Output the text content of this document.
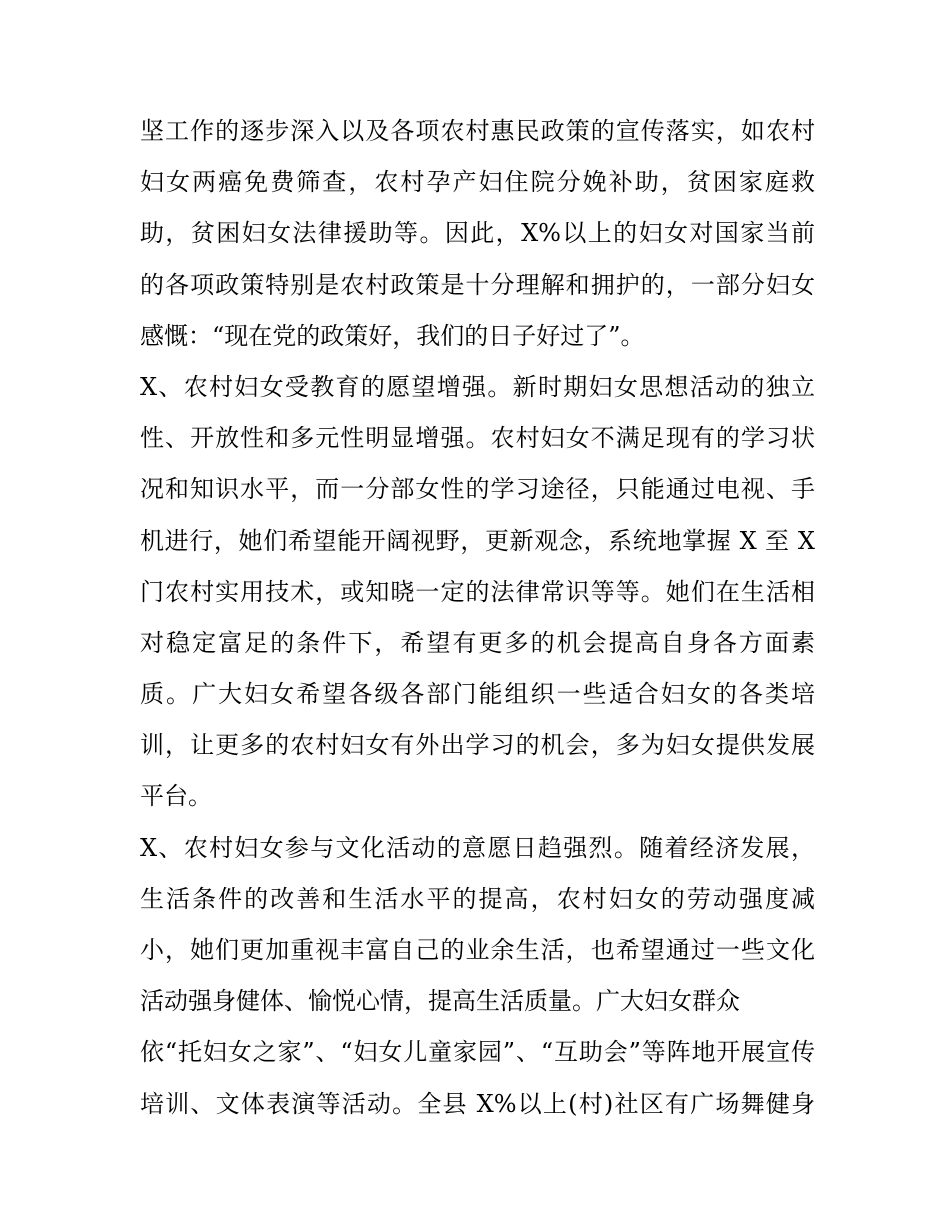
坚工作的逐步深入以及各项农村惠民政策的宣传落实，如农村
妇女两癌免费筛查，农村孕产妇住院分娩补助，贫困家庭救
助，贫困妇女法律援助等。因此，X%以上的妇女对国家当前
的各项政策特别是农村政策是十分理解和拥护的，一部分妇女
感慨：“现在党的政策好，我们的日子好过了”。
X、农村妇女受教育的愿望增强。新时期妇女思想活动的独立
性、开放性和多元性明显增强。农村妇女不满足现有的学习状
况和知识水平，而一分部女性的学习途径，只能通过电视、手
机进行，她们希望能开阔视野，更新观念，系统地掌握 X 至 X
门农村实用技术，或知晓一定的法律常识等等。她们在生活相
对稳定富足的条件下，希望有更多的机会提高自身各方面素
质。广大妇女希望各级各部门能组织一些适合妇女的各类培
训，让更多的农村妇女有外出学习的机会，多为妇女提供发展
平台。
X、农村妇女参与文化活动的意愿日趋强烈。随着经济发展，
生活条件的改善和生活水平的提高，农村妇女的劳动强度减
小，她们更加重视丰富自己的业余生活，也希望通过一些文化
活动强身健体、愉悦心情，提高生活质量。广大妇女群众
依“托妇女之家”、“妇女儿童家园”、“互助会”等阵地开展宣传
培训、文体表演等活动。全县 X%以上(村)社区有广场舞健身
